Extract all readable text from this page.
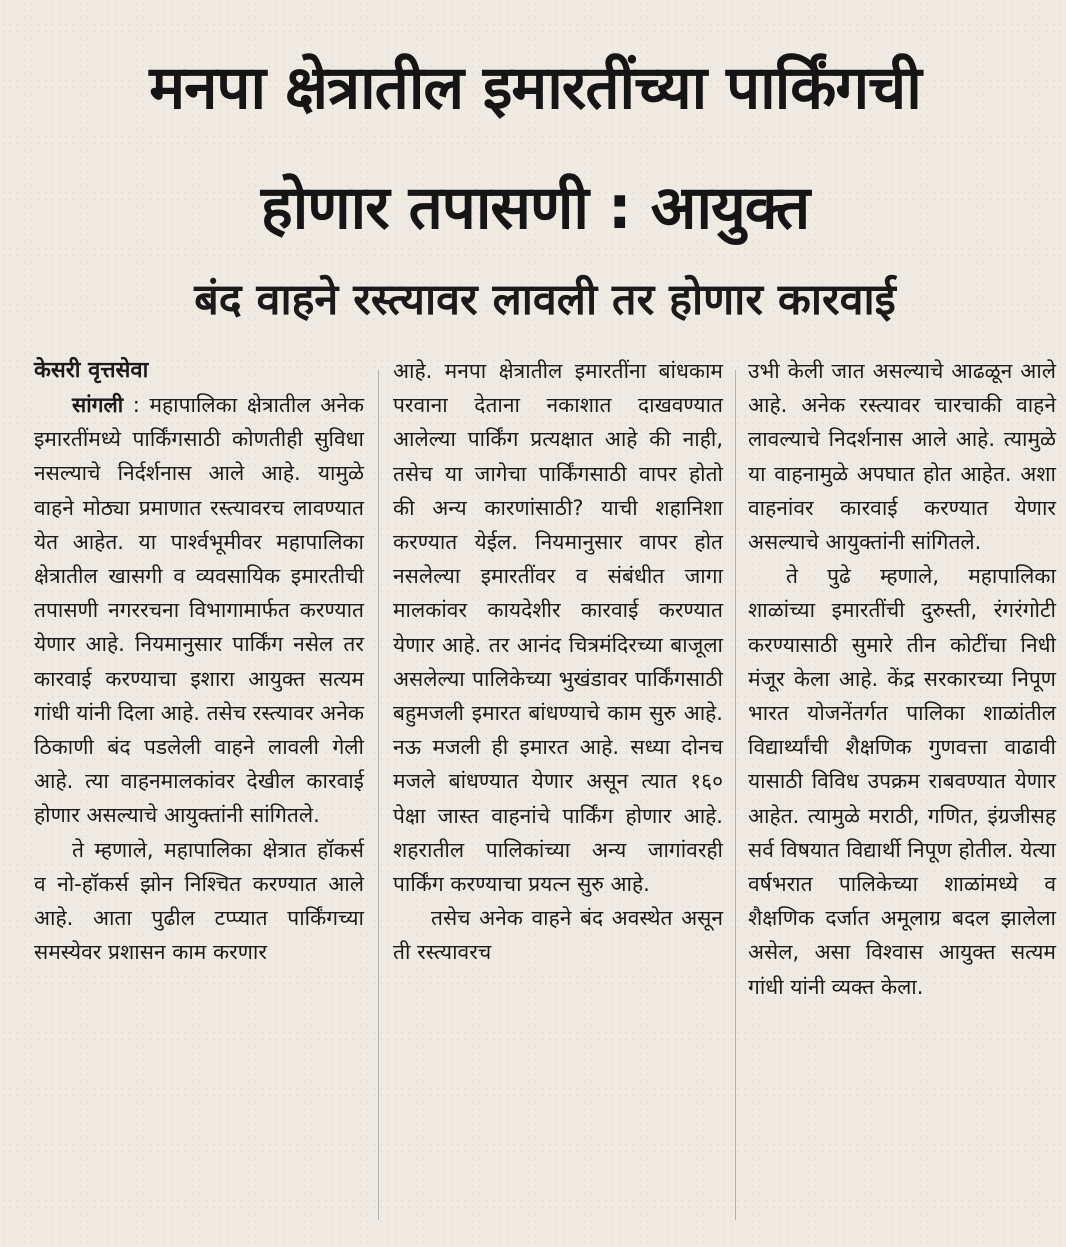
मनपा क्षेत्रातील इमारतींच्या पार्किंगची
होणार तपासणी : आयुक्त
बंद वाहने रस्त्यावर लावली तर होणार कारवाई
केसरी वृत्तसेवा

सांगली : महापालिका क्षेत्रातील अनेक इमारतींमध्ये पार्किंगसाठी कोणतीही सुविधा नसल्याचे निर्दर्शनास आले आहे. यामुळे वाहने मोठ्या प्रमाणात रस्त्यावरच लावण्यात येत आहेत. या पार्श्वभूमीवर महापालिका क्षेत्रातील खासगी व व्यवसायिक इमारतीची तपासणी नगररचना विभागामार्फत करण्यात येणार आहे. नियमानुसार पार्किंग नसेल तर कारवाई करण्याचा इशारा आयुक्त सत्यम गांधी यांनी दिला आहे. तसेच रस्त्यावर अनेक ठिकाणी बंद पडलेली वाहने लावली गेली आहे. त्या वाहनमालकांवर देखील कारवाई होणार असल्याचे आयुक्तांनी सांगितले.

ते म्हणाले, महापालिका क्षेत्रात हॉकर्स व नो-हॉकर्स झोन निश्चित करण्यात आले आहे. आता पुढील टप्प्यात पार्किंगच्या समस्येवर प्रशासन काम करणार

आहे. मनपा क्षेत्रातील इमारतींना बांधकाम परवाना देताना नकाशात दाखवण्यात आलेल्या पार्किंग प्रत्यक्षात आहे की नाही, तसेच या जागेचा पार्किंगसाठी वापर होतो की अन्य कारणांसाठी? याची शहानिशा करण्यात येईल. नियमानुसार वापर होत नसलेल्या इमारतींवर व संबंधीत जागा मालकांवर कायदेशीर कारवाई करण्यात येणार आहे. तर आनंद चित्रमंदिरच्या बाजूला असलेल्या पालिकेच्या भुखंडावर पार्किंगसाठी बहुमजली इमारत बांधण्याचे काम सुरु आहे. नऊ मजली ही इमारत आहे. सध्या दोनच मजले बांधण्यात येणार असून त्यात १६० पेक्षा जास्त वाहनांचे पार्किंग होणार आहे. शहरातील पालिकांच्या अन्य जागांवरही पार्किंग करण्याचा प्रयत्न सुरु आहे.

तसेच अनेक वाहने बंद अवस्थेत असून ती रस्त्यावरच

उभी केली जात असल्याचे आढळून आले आहे. अनेक रस्त्यावर चारचाकी वाहने लावल्याचे निदर्शनास आले आहे. त्यामुळे या वाहनामुळे अपघात होत आहेत. अशा वाहनांवर कारवाई करण्यात येणार असल्याचे आयुक्तांनी सांगितले.

ते पुढे म्हणाले, महापालिका शाळांच्या इमारतींची दुरुस्ती, रंगरंगोटी करण्यासाठी सुमारे तीन कोटींचा निधी मंजूर केला आहे. केंद्र सरकारच्या निपूण भारत योजनेंतर्गत पालिका शाळांतील विद्यार्थ्यांची शैक्षणिक गुणवत्ता वाढावी यासाठी विविध उपक्रम राबवण्यात येणार आहेत. त्यामुळे मराठी, गणित, इंग्रजीसह सर्व विषयात विद्यार्थी निपूण होतील. येत्या वर्षभरात पालिकेच्या शाळांमध्ये व शैक्षणिक दर्जात अमूलाग्र बदल झालेला असेल, असा विश्वास आयुक्त सत्यम गांधी यांनी व्यक्त केला.
